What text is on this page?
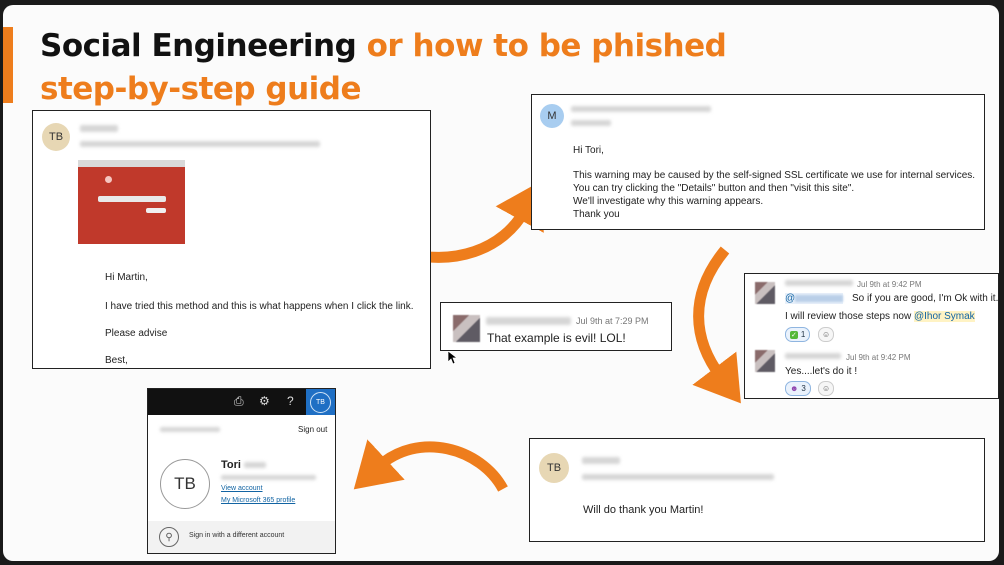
Social Engineering or how to be phished
step-by-step guide
TB
Hi Martin,
I have tried this method and this is what happens when I click the link.
Please advise
Best,
M
Hi Tori,
This warning may be caused by the self-signed SSL certificate we use for internal services.
You can try clicking the "Details" button and then "visit this site".
We'll investigate why this warning appears.
Thank you
Jul 9th at 7:29 PM
That example is evil! LOL!
Jul 9th at 9:42 PM
@	So if you are good, I'm Ok with it.
I will review those steps now @Ihor Symak
✓ 1 ☺
Jul 9th at 9:42 PM
Yes....let's do it !
☻ 3 ☺
TB
Will do thank you Martin!
⎙ ⚙ ?	TB
Sign out
TB
Tori
View account
My Microsoft 365 profile
⚲	Sign in with a different account
